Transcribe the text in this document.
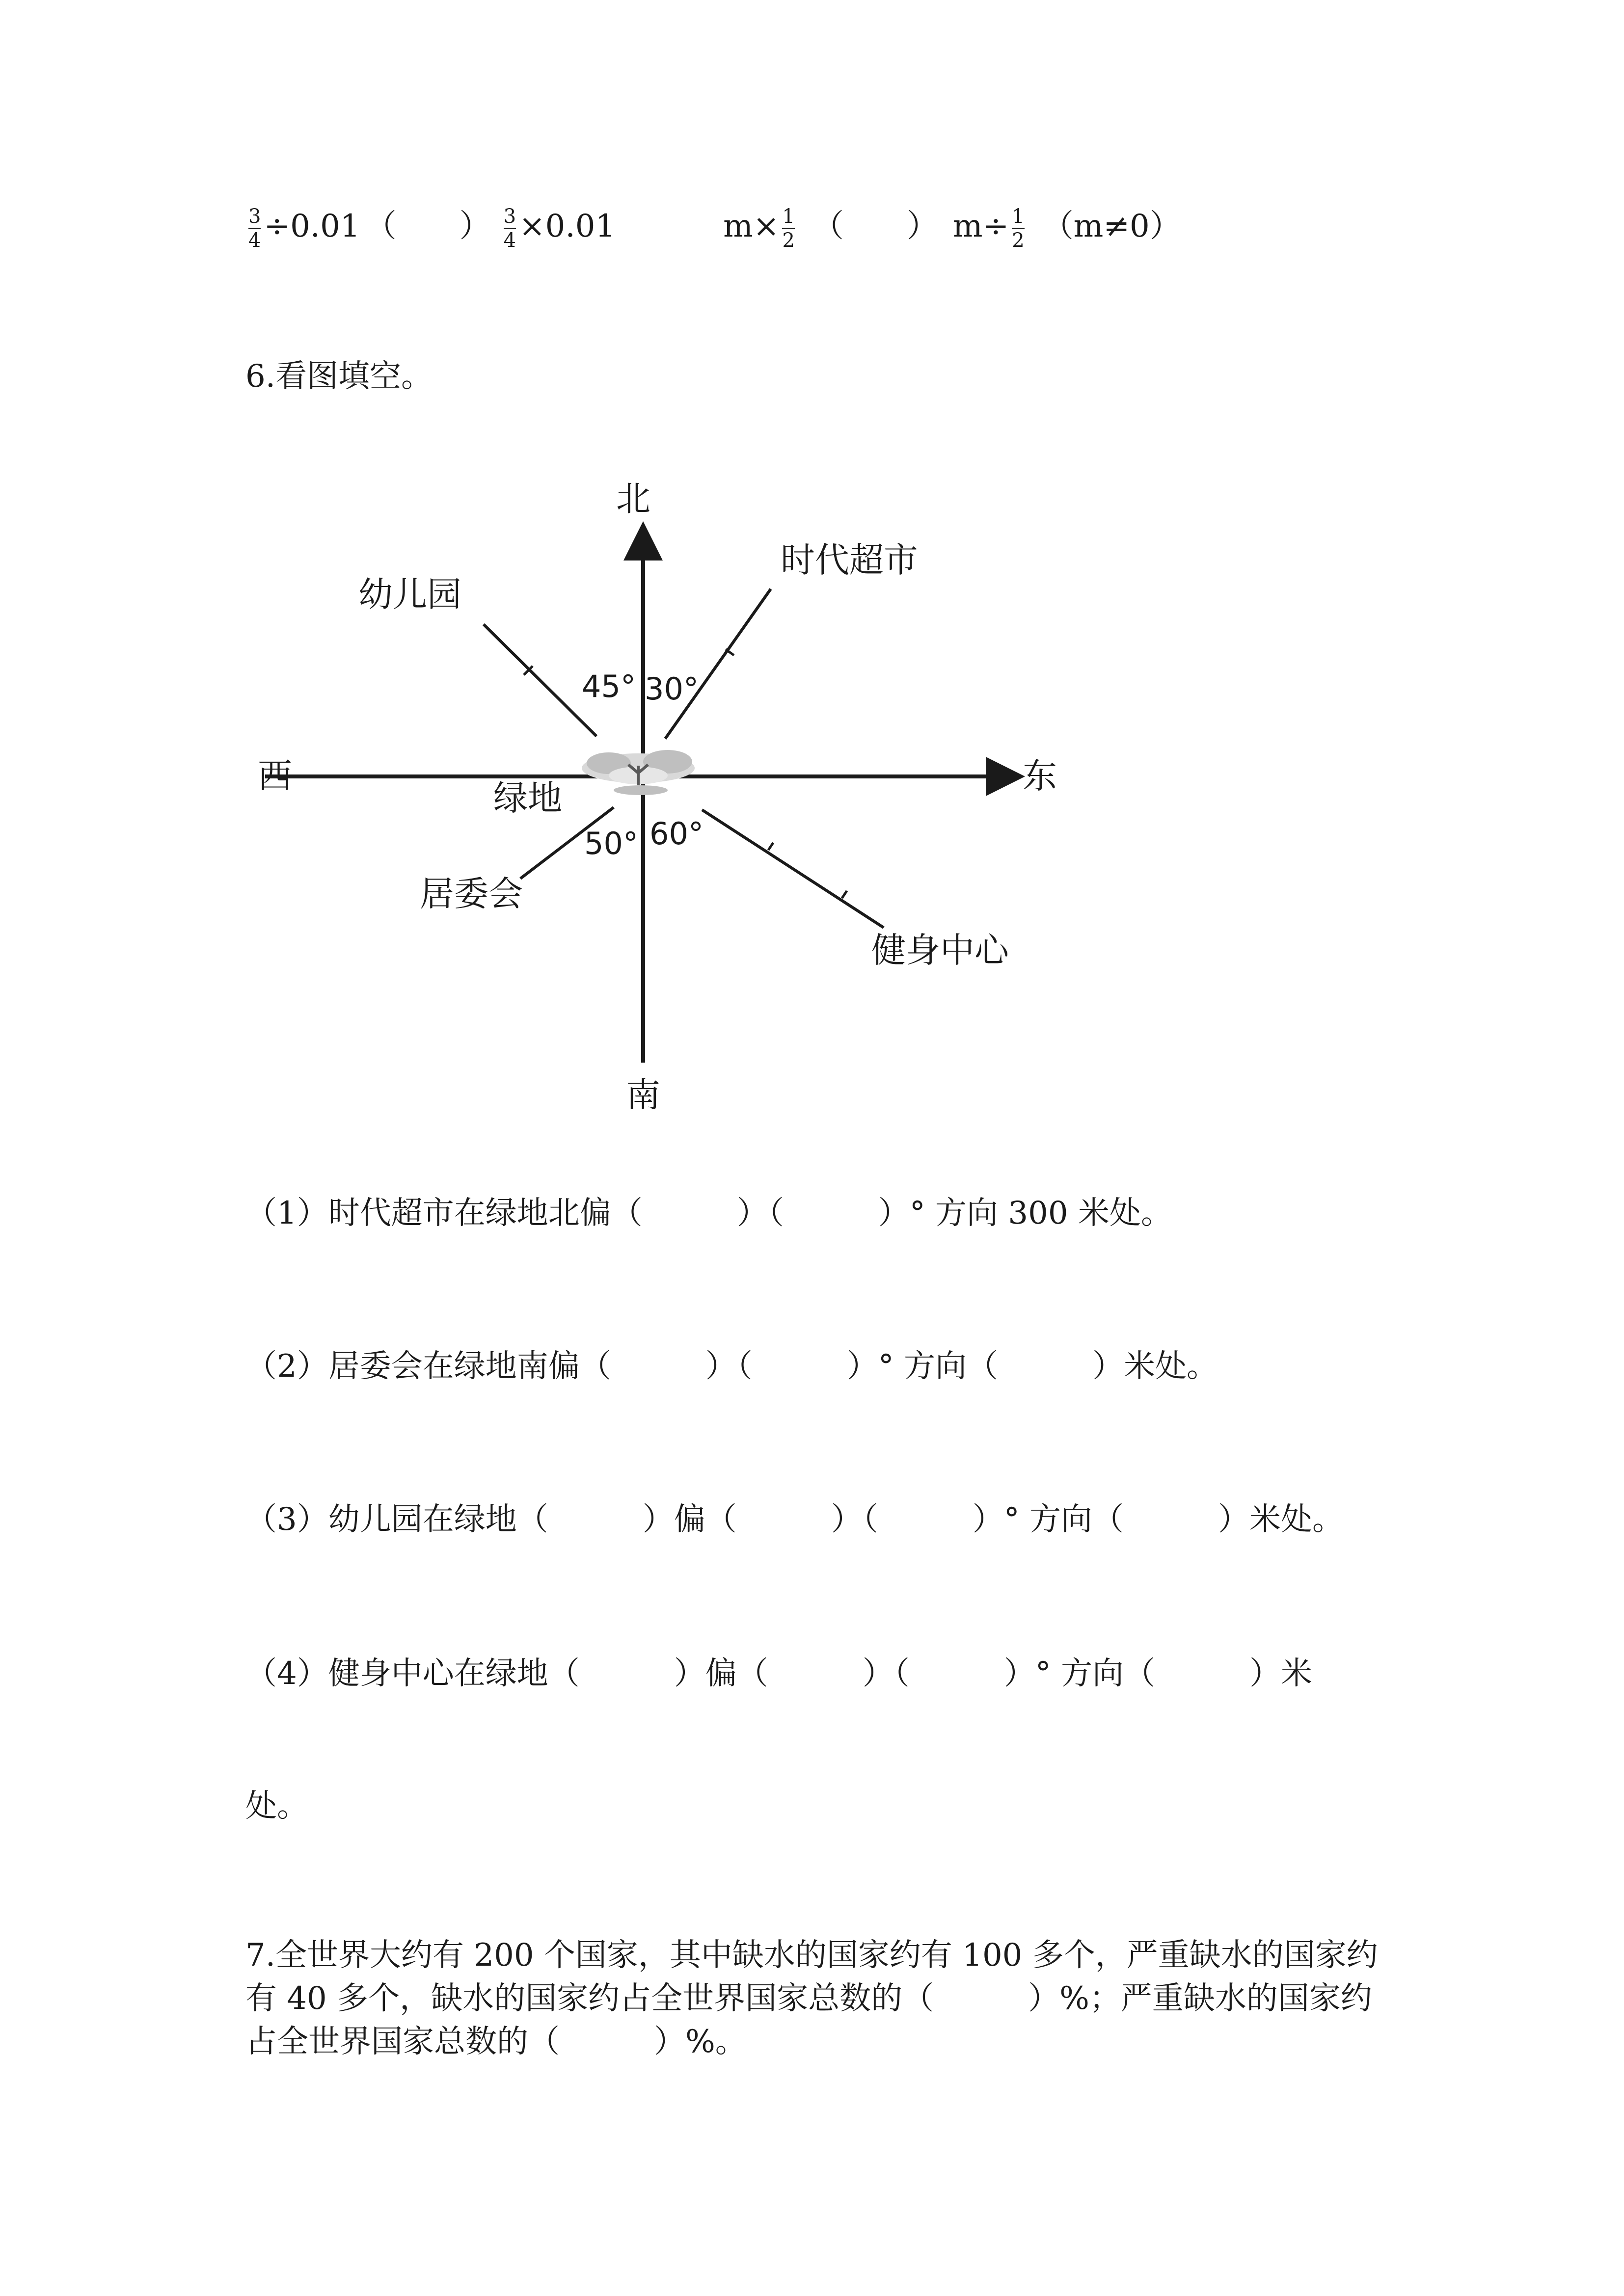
$\frac{3}{4} \div 0.01$ （　　） $\frac{3}{4} \times 0.01$	$m\times \frac{1}{2}$ （　　） $m\div \frac{1}{2} (m\ne 0)$
6.看图填空。
北
南
东
西
绿地
时代超市
幼儿园
居委会
健身中心
45° 30°
50° 60°
（1）时代超市在绿地北偏（　　　）（　　　）° 方向 300 米处。
（2）居委会在绿地南偏（　　　）（　　　）° 方向（　　　）米处。
（3）幼儿园在绿地（　　　）偏（　　　）（　　　）° 方向（　　　）米处。
（4）健身中心在绿地（　　　）偏（　　　）（　　　）° 方向（　　　）米
处。
7.全世界大约有 200 个国家，其中缺水的国家约有 100 多个，严重缺水的国家约有 40 多个，缺水的国家约占全世界国家总数的（　　　）%；严重缺水的国家约占全世界国家总数的（　　　）%。
